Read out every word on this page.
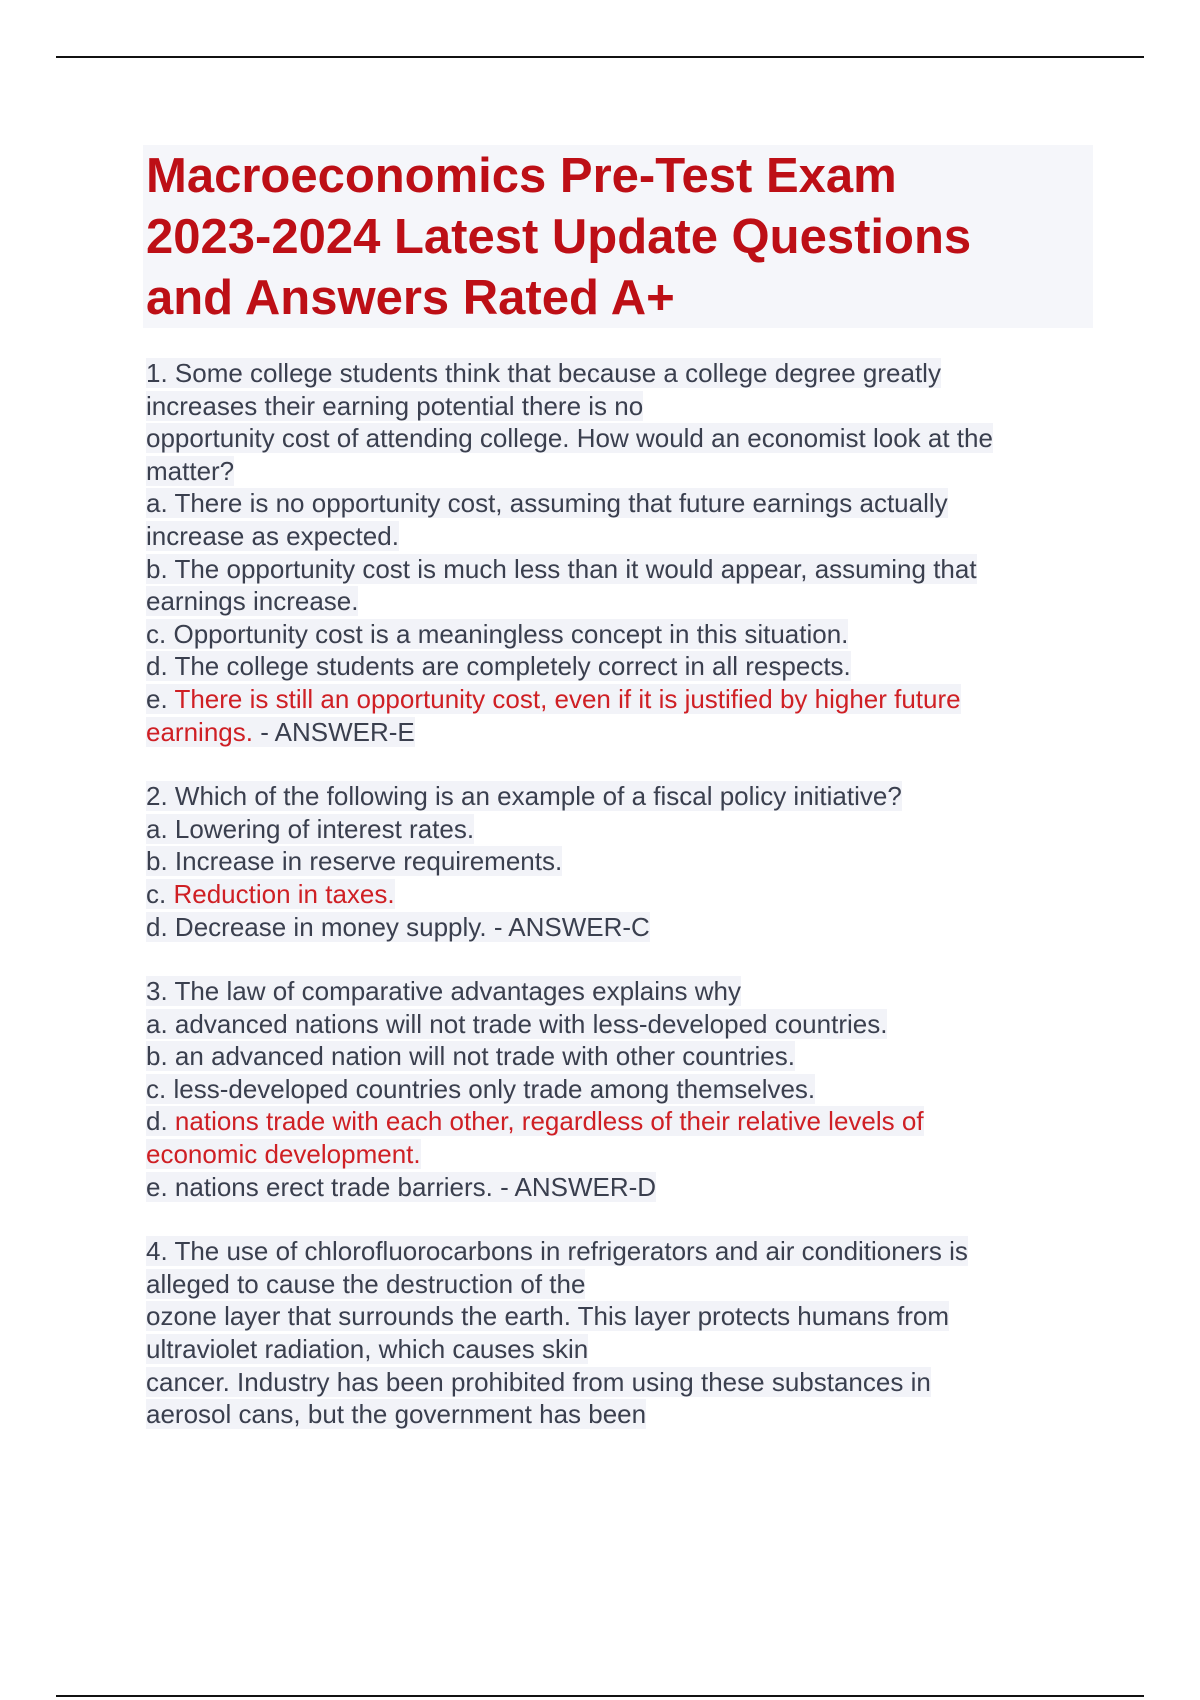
Macroeconomics Pre-Test Exam
2023-2024 Latest Update Questions
and Answers Rated A+
1. Some college students think that because a college degree greatly
increases their earning potential there is no
opportunity cost of attending college. How would an economist look at the
matter?
a. There is no opportunity cost, assuming that future earnings actually
increase as expected.
b. The opportunity cost is much less than it would appear, assuming that
earnings increase.
c. Opportunity cost is a meaningless concept in this situation.
d. The college students are completely correct in all respects.
e. There is still an opportunity cost, even if it is justified by higher future
earnings. - ANSWER-E
2. Which of the following is an example of a fiscal policy initiative?
a. Lowering of interest rates.
b. Increase in reserve requirements.
c. Reduction in taxes.
d. Decrease in money supply. - ANSWER-C
3. The law of comparative advantages explains why
a. advanced nations will not trade with less-developed countries.
b. an advanced nation will not trade with other countries.
c. less-developed countries only trade among themselves.
d. nations trade with each other, regardless of their relative levels of
economic development.
e. nations erect trade barriers. - ANSWER-D
4. The use of chlorofluorocarbons in refrigerators and air conditioners is
alleged to cause the destruction of the
ozone layer that surrounds the earth. This layer protects humans from
ultraviolet radiation, which causes skin
cancer. Industry has been prohibited from using these substances in
aerosol cans, but the government has been
